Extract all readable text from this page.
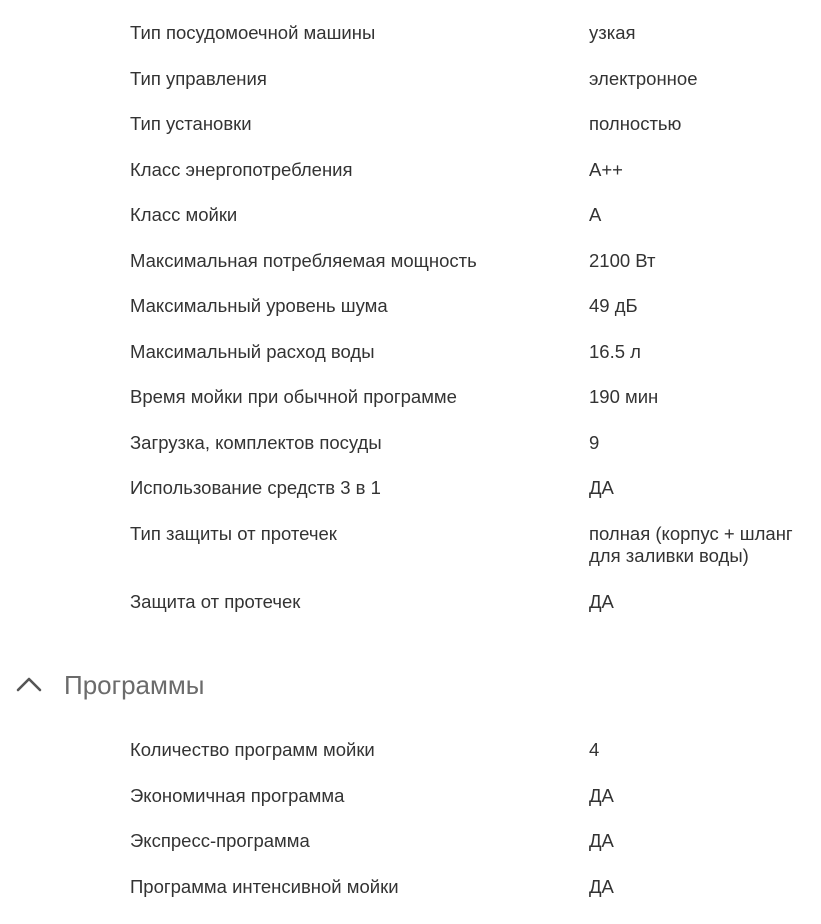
Тип посудомоечной машины	узкая
Тип управления	электронное
Тип установки	полностью
Класс энергопотребления	A++
Класс мойки	A
Максимальная потребляемая мощность	2100 Вт
Максимальный уровень шума	49 дБ
Максимальный расход воды	16.5 л
Время мойки при обычной программе	190 мин
Загрузка, комплектов посуды	9
Использование средств 3 в 1	ДА
Тип защиты от протечек	полная (корпус + шланг для заливки воды)
Защита от протечек	ДА
Программы
Количество программ мойки	4
Экономичная программа	ДА
Экспресс-программа	ДА
Программа интенсивной мойки	ДА
